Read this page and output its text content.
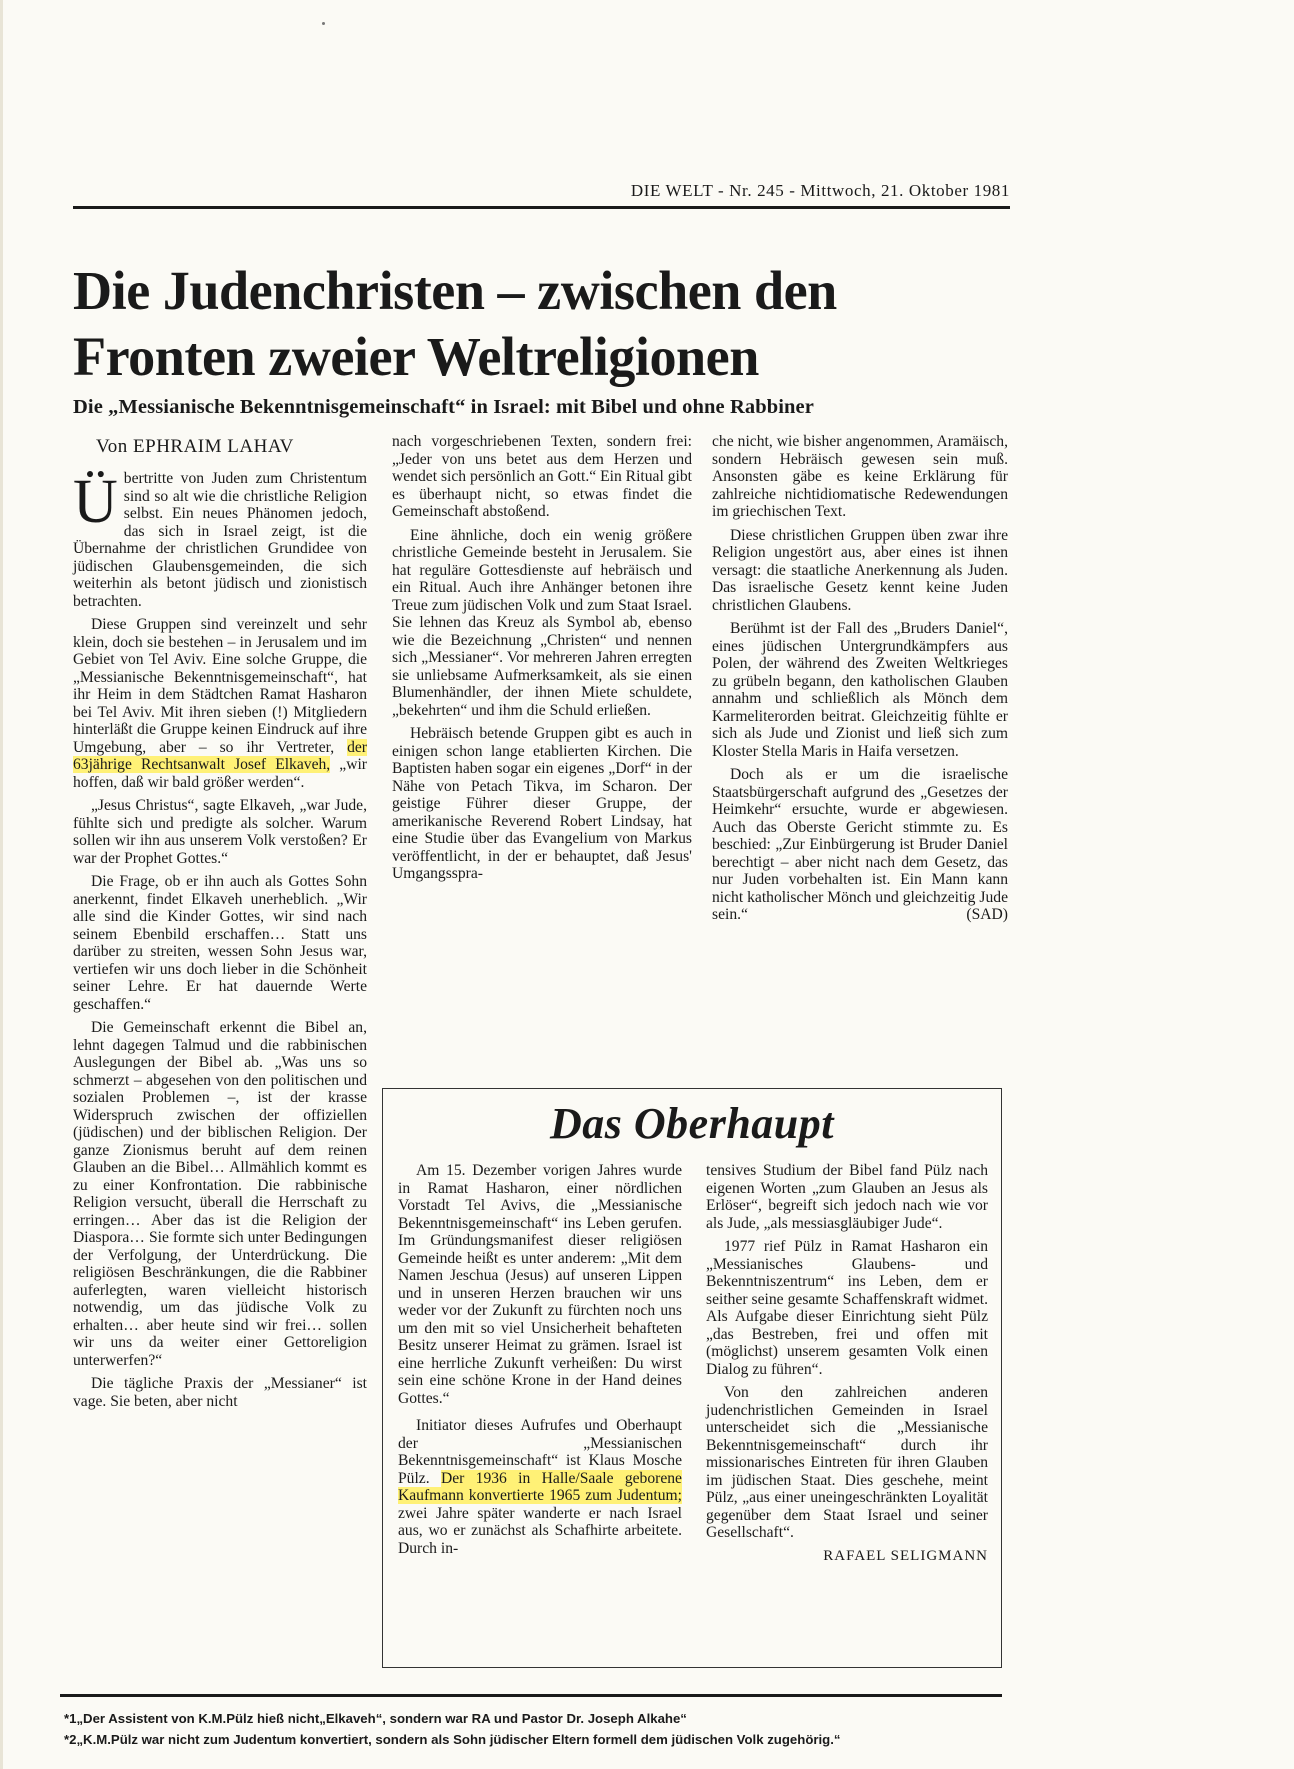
DIE WELT - Nr. 245 - Mittwoch, 21. Oktober 1981
Die Judenchristen – zwischen den
Fronten zweier Weltreligionen
Die „Messianische Bekenntnisgemeinschaft“ in Israel: mit Bibel und ohne Rabbiner
Von EPHRAIM LAHAV

Übertritte von Juden zum Christentum sind so alt wie die christliche Religion selbst. Ein neues Phänomen jedoch, das sich in Israel zeigt, ist die Übernahme der christlichen Grundidee von jüdischen Glaubensgemeinden, die sich weiterhin als betont jüdisch und zionistisch betrachten.

Diese Gruppen sind vereinzelt und sehr klein, doch sie bestehen – in Jerusalem und im Gebiet von Tel Aviv. Eine solche Gruppe, die „Messianische Bekenntnisgemeinschaft“, hat ihr Heim in dem Städtchen Ramat Hasharon bei Tel Aviv. Mit ihren sieben (!) Mitgliedern hinterläßt die Gruppe keinen Eindruck auf ihre Umgebung, aber – so ihr Vertreter, der 63jährige Rechtsanwalt Josef Elkaveh, „wir hoffen, daß wir bald größer werden“.

„Jesus Christus“, sagte Elkaveh, „war Jude, fühlte sich und predigte als solcher. Warum sollen wir ihn aus unserem Volk verstoßen? Er war der Prophet Gottes.“

Die Frage, ob er ihn auch als Gottes Sohn anerkennt, findet Elkaveh unerheblich. „Wir alle sind die Kinder Gottes, wir sind nach seinem Ebenbild erschaffen… Statt uns darüber zu streiten, wessen Sohn Jesus war, vertiefen wir uns doch lieber in die Schönheit seiner Lehre. Er hat dauernde Werte geschaffen.“

Die Gemeinschaft erkennt die Bibel an, lehnt dagegen Talmud und die rabbinischen Auslegungen der Bibel ab. „Was uns so schmerzt – abgesehen von den politischen und sozialen Problemen –, ist der krasse Widerspruch zwischen der offiziellen (jüdischen) und der biblischen Religion. Der ganze Zionismus beruht auf dem reinen Glauben an die Bibel… Allmählich kommt es zu einer Konfrontation. Die rabbinische Religion versucht, überall die Herrschaft zu erringen… Aber das ist die Religion der Diaspora… Sie formte sich unter Bedingungen der Verfolgung, der Unterdrückung. Die religiösen Beschränkungen, die die Rabbiner auferlegten, waren vielleicht historisch notwendig, um das jüdische Volk zu erhalten… aber heute sind wir frei… sollen wir uns da weiter einer Gettoreligion unterwerfen?“

Die tägliche Praxis der „Messianer“ ist vage. Sie beten, aber nicht

nach vorgeschriebenen Texten, sondern frei: „Jeder von uns betet aus dem Herzen und wendet sich persönlich an Gott.“ Ein Ritual gibt es überhaupt nicht, so etwas findet die Gemeinschaft abstoßend.

Eine ähnliche, doch ein wenig größere christliche Gemeinde besteht in Jerusalem. Sie hat reguläre Gottesdienste auf hebräisch und ein Ritual. Auch ihre Anhänger betonen ihre Treue zum jüdischen Volk und zum Staat Israel. Sie lehnen das Kreuz als Symbol ab, ebenso wie die Bezeichnung „Christen“ und nennen sich „Messianer“. Vor mehreren Jahren erregten sie unliebsame Aufmerksamkeit, als sie einen Blumenhändler, der ihnen Miete schuldete, „bekehrten“ und ihm die Schuld erließen.

Hebräisch betende Gruppen gibt es auch in einigen schon lange etablierten Kirchen. Die Baptisten haben sogar ein eigenes „Dorf“ in der Nähe von Petach Tikva, im Scharon. Der geistige Führer dieser Gruppe, der amerikanische Reverend Robert Lindsay, hat eine Studie über das Evangelium von Markus veröffentlicht, in der er behauptet, daß Jesus' Umgangsspra-

che nicht, wie bisher angenommen, Aramäisch, sondern Hebräisch gewesen sein muß. Ansonsten gäbe es keine Erklärung für zahlreiche nichtidiomatische Redewendungen im griechischen Text.

Diese christlichen Gruppen üben zwar ihre Religion ungestört aus, aber eines ist ihnen versagt: die staatliche Anerkennung als Juden. Das israelische Gesetz kennt keine Juden christlichen Glaubens.

Berühmt ist der Fall des „Bruders Daniel“, eines jüdischen Untergrundkämpfers aus Polen, der während des Zweiten Weltkrieges zu grübeln begann, den katholischen Glauben annahm und schließlich als Mönch dem Karmeliterorden beitrat. Gleichzeitig fühlte er sich als Jude und Zionist und ließ sich zum Kloster Stella Maris in Haifa versetzen.

Doch als er um die israelische Staatsbürgerschaft aufgrund des „Gesetzes der Heimkehr“ ersuchte, wurde er abgewiesen. Auch das Oberste Gericht stimmte zu. Es beschied: „Zur Einbürgerung ist Bruder Daniel berechtigt – aber nicht nach dem Gesetz, das nur Juden vorbehalten ist. Ein Mann kann nicht katholischer Mönch und gleichzeitig Jude sein.“	(SAD)

Das Oberhaupt

Am 15. Dezember vorigen Jahres wurde in Ramat Hasharon, einer nördlichen Vorstadt Tel Avivs, die „Messianische Bekenntnisgemeinschaft“ ins Leben gerufen. Im Gründungsmanifest dieser religiösen Gemeinde heißt es unter anderem: „Mit dem Namen Jeschua (Jesus) auf unseren Lippen und in unseren Herzen brauchen wir uns weder vor der Zukunft zu fürchten noch uns um den mit so viel Unsicherheit behafteten Besitz unserer Heimat zu grämen. Israel ist eine herrliche Zukunft verheißen: Du wirst sein eine schöne Krone in der Hand deines Gottes.“

Initiator dieses Aufrufes und Oberhaupt der „Messianischen Bekenntnisgemeinschaft“ ist Klaus Mosche Pülz. Der 1936 in Halle/Saale geborene Kaufmann konvertierte 1965 zum Judentum; zwei Jahre später wanderte er nach Israel aus, wo er zunächst als Schafhirte arbeitete. Durch in-

tensives Studium der Bibel fand Pülz nach eigenen Worten „zum Glauben an Jesus als Erlöser“, begreift sich jedoch nach wie vor als Jude, „als messiasgläubiger Jude“.

1977 rief Pülz in Ramat Hasharon ein „Messianisches Glaubens- und Bekenntniszentrum“ ins Leben, dem er seither seine gesamte Schaffenskraft widmet. Als Aufgabe dieser Einrichtung sieht Pülz „das Bestreben, frei und offen mit (möglichst) unserem gesamten Volk einen Dialog zu führen“.

Von den zahlreichen anderen judenchristlichen Gemeinden in Israel unterscheidet sich die „Messianische Bekenntnisgemeinschaft“ durch ihr missionarisches Eintreten für ihren Glauben im jüdischen Staat. Dies geschehe, meint Pülz, „aus einer uneingeschränkten Loyalität gegenüber dem Staat Israel und seiner Gesellschaft“.

RAFAEL SELIGMANN
*1„Der Assistent von K.M.Pülz hieß nicht„Elkaveh“, sondern war RA und Pastor Dr. Joseph Alkahe“
*2„K.M.Pülz war nicht zum Judentum konvertiert, sondern als Sohn jüdischer Eltern formell dem jüdischen Volk zugehörig.“
